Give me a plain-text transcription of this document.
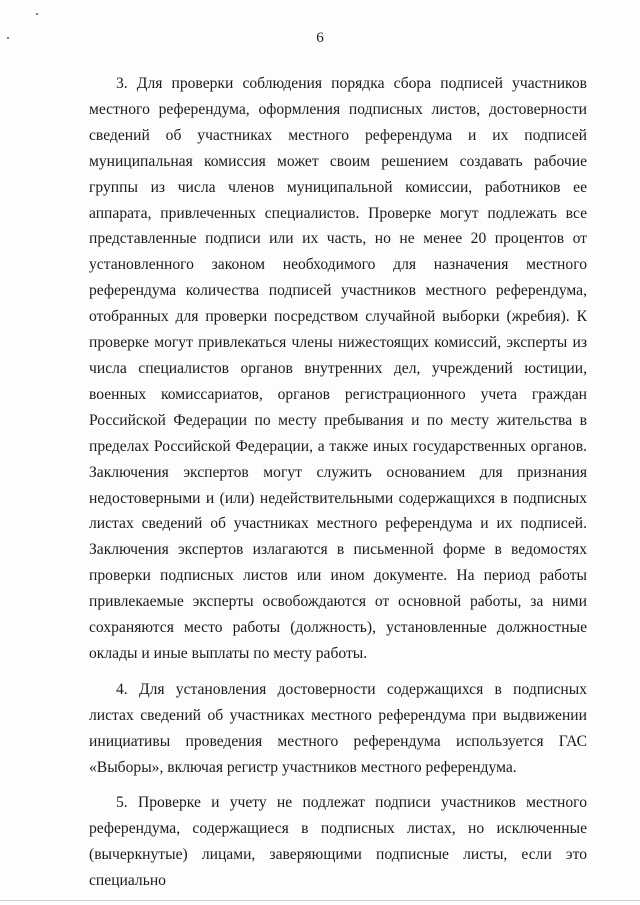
6

3. Для проверки соблюдения порядка сбора подписей участников местного референдума, оформления подписных листов, достоверности сведений об участниках местного референдума и их подписей муниципальная комиссия может своим решением создавать рабочие группы из числа членов муниципальной комиссии, работников ее аппарата, привлеченных специалистов. Проверке могут подлежать все представленные подписи или их часть, но не менее 20 процентов от установленного законом необходимого для назначения местного референдума количества подписей участников местного референдума, отобранных для проверки посредством случайной выборки (жребия). К проверке могут привлекаться члены нижестоящих комиссий, эксперты из числа специалистов органов внутренних дел, учреждений юстиции, военных комиссариатов, органов регистрационного учета граждан Российской Федерации по месту пребывания и по месту жительства в пределах Российской Федерации, а также иных государственных органов. Заключения экспертов могут служить основанием для признания недостоверными и (или) недействительными содержащихся в подписных листах сведений об участниках местного референдума и их подписей. Заключения экспертов излагаются в письменной форме в ведомостях проверки подписных листов или ином документе. На период работы привлекаемые эксперты освобождаются от основной работы, за ними сохраняются место работы (должность), установленные должностные оклады и иные выплаты по месту работы.

4. Для установления достоверности содержащихся в подписных листах сведений об участниках местного референдума при выдвижении инициативы проведения местного референдума используется ГАС «Выборы», включая регистр участников местного референдума.

5. Проверке и учету не подлежат подписи участников местного референдума, содержащиеся в подписных листах, но исключенные (вычеркнутые) лицами, заверяющими подписные листы, если это специально
